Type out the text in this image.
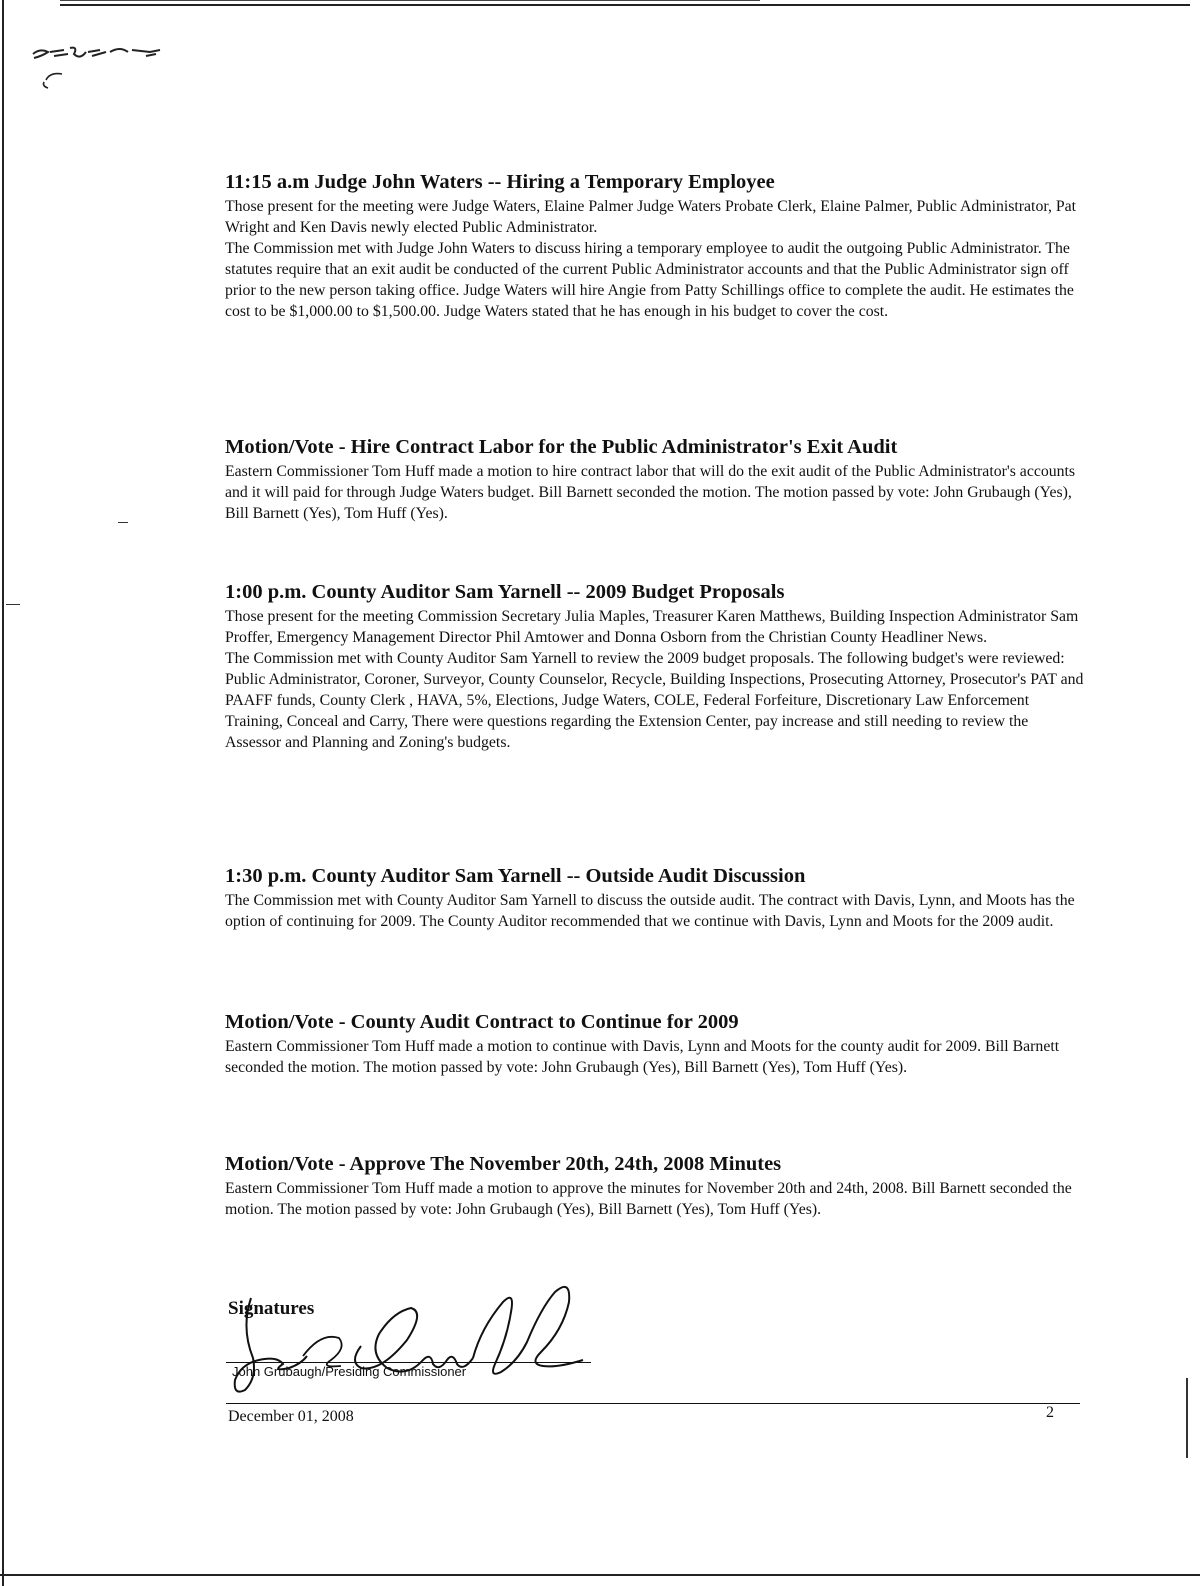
11:15 a.m Judge John Waters -- Hiring a Temporary Employee

Those present for the meeting were Judge Waters, Elaine Palmer Judge Waters Probate Clerk, Elaine Palmer, Public Administrator, Pat Wright and Ken Davis newly elected Public Administrator.

The Commission met with Judge John Waters to discuss hiring a temporary employee to audit the outgoing Public Administrator. The statutes require that an exit audit be conducted of the current Public Administrator accounts and that the Public Administrator sign off prior to the new person taking office. Judge Waters will hire Angie from Patty Schillings office to complete the audit. He estimates the cost to be $1,000.00 to $1,500.00. Judge Waters stated that he has enough in his budget to cover the cost.

Motion/Vote - Hire Contract Labor for the Public Administrator's Exit Audit

Eastern Commissioner Tom Huff made a motion to hire contract labor that will do the exit audit of the Public Administrator's accounts and it will paid for through Judge Waters budget. Bill Barnett seconded the motion. The motion passed by vote: John Grubaugh (Yes), Bill Barnett (Yes), Tom Huff (Yes).

1:00 p.m. County Auditor Sam Yarnell -- 2009 Budget Proposals

Those present for the meeting Commission Secretary Julia Maples, Treasurer Karen Matthews, Building Inspection Administrator Sam Proffer, Emergency Management Director Phil Amtower and Donna Osborn from the Christian County Headliner News.

The Commission met with County Auditor Sam Yarnell to review the 2009 budget proposals. The following budget's were reviewed: Public Administrator, Coroner, Surveyor, County Counselor, Recycle, Building Inspections, Prosecuting Attorney, Prosecutor's PAT and PAAFF funds, County Clerk , HAVA, 5%, Elections, Judge Waters, COLE, Federal Forfeiture, Discretionary Law Enforcement Training, Conceal and Carry, There were questions regarding the Extension Center, pay increase and still needing to review the Assessor and Planning and Zoning's budgets.

1:30 p.m. County Auditor Sam Yarnell -- Outside Audit Discussion

The Commission met with County Auditor Sam Yarnell to discuss the outside audit. The contract with Davis, Lynn, and Moots has the option of continuing for 2009. The County Auditor recommended that we continue with Davis, Lynn and Moots for the 2009 audit.

Motion/Vote - County Audit Contract to Continue for 2009

Eastern Commissioner Tom Huff made a motion to continue with Davis, Lynn and Moots for the county audit for 2009. Bill Barnett seconded the motion. The motion passed by vote: John Grubaugh (Yes), Bill Barnett (Yes), Tom Huff (Yes).

Motion/Vote - Approve The November 20th, 24th, 2008 Minutes

Eastern Commissioner Tom Huff made a motion to approve the minutes for November 20th and 24th, 2008. Bill Barnett seconded the motion. The motion passed by vote: John Grubaugh (Yes), Bill Barnett (Yes), Tom Huff (Yes).

Signatures
John Grubaugh/Presiding Commissioner
December 01, 2008	2
